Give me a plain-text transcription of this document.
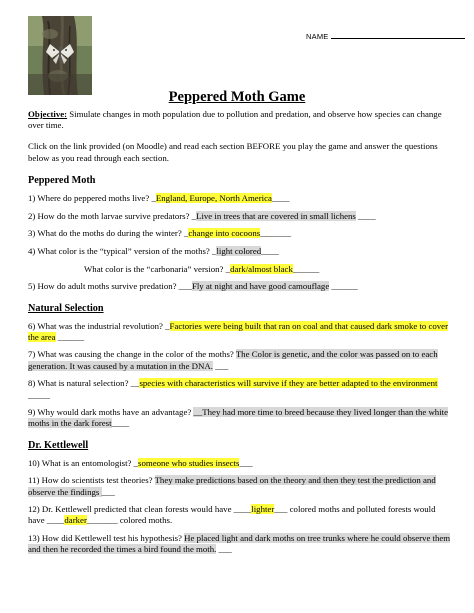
NAME
Peppered Moth Game

Objective: Simulate changes in moth population due to pollution and predation, and observe how species can change over time.

Click on the link provided (on Moodle) and read each section BEFORE you play the game and answer the questions below as you read through each section.

Peppered Moth

1) Where do peppered moths live? _England, Europe, North America____

2) How do the moth larvae survive predators? _Live in trees that are covered in small lichens ____

3) What do the moths do during the winter? _change into cocoons_______

4) What color is the “typical” version of the moths? _light colored____

What color is the “carbonaria” version? _dark/almost black______

5) How do adult moths survive predation? ___Fly at night and have good camouflage ______

Natural Selection

6) What was the industrial revolution? _Factories were being built that ran on coal and that caused dark smoke to cover the area ______

7) What was causing the change in the color of the moths? The Color is genetic, and the color was passed on to each generation. It was caused by a mutation in the DNA. ___

8) What is natural selection? __species with characteristics will survive if they are better adapted to the environment _____

9) Why would dark moths have an advantage? __They had more time to breed because they lived longer than the white moths in the dark forest____

Dr. Kettlewell

10) What is an entomologist? _someone who studies insects___

11) How do scientists test theories? They make predictions based on the theory and then they test the prediction and observe the findings ___

12) Dr. Kettlewell predicted that clean forests would have ____lighter___ colored moths and polluted forests would have ____darker_______ colored moths.

13) How did Kettlewell test his hypothesis? He placed light and dark moths on tree trunks where he could observe them and then he recorded the times a bird found the moth. ___
